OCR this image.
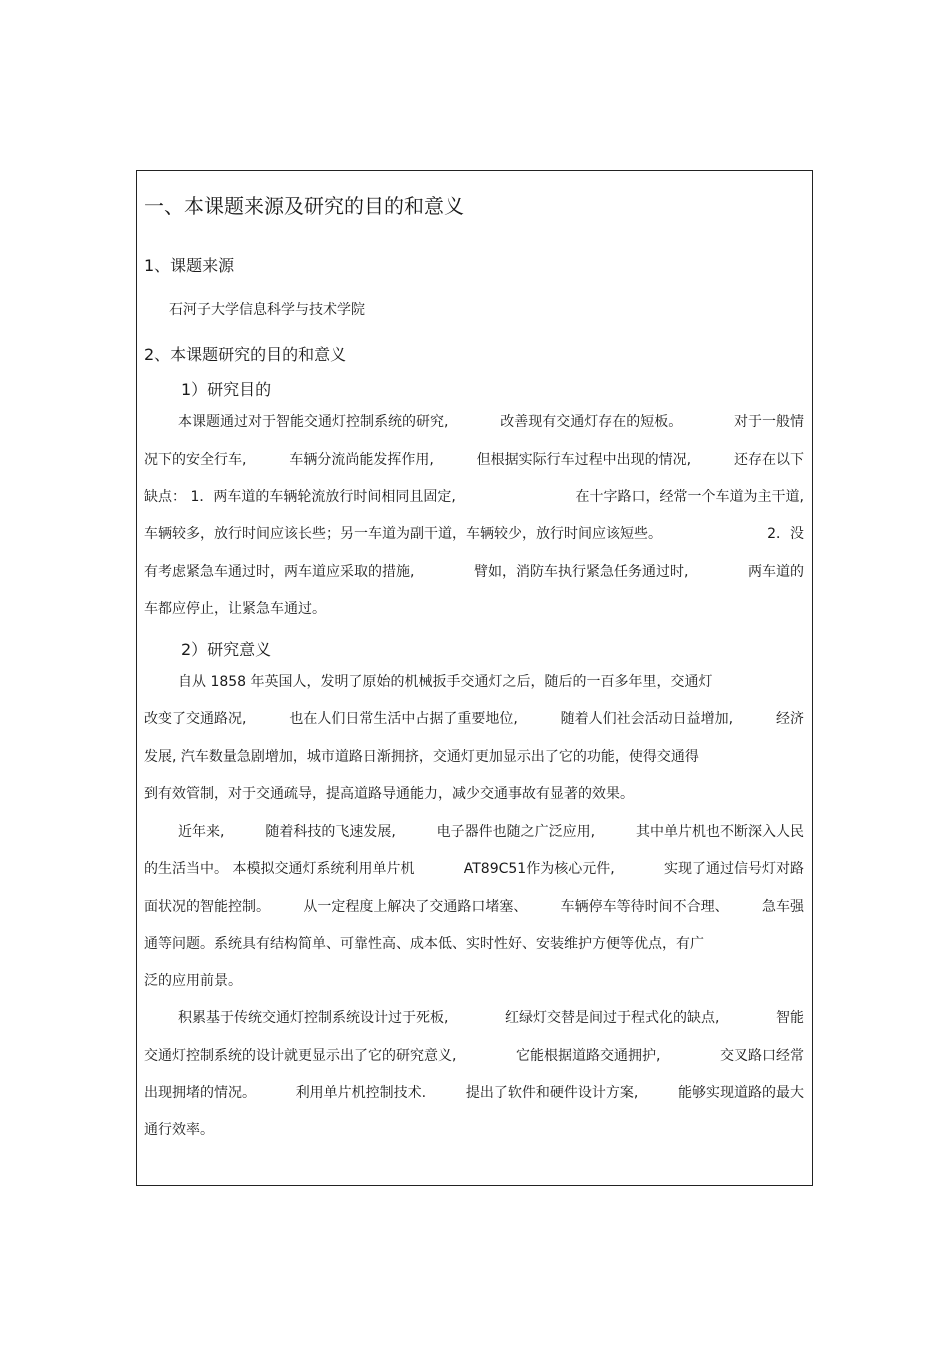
一、本课题来源及研究的目的和意义
1、课题来源
石河子大学信息科学与技术学院
2、本课题研究的目的和意义
1）研究目的
本课题通过对于智能交通灯控制系统的研究,	改善现有交通灯存在的短板。	对于一般情
况下的安全行车,	车辆分流尚能发挥作用,	但根据实际行车过程中出现的情况,	还存在以下
缺点： 1．两车道的车辆轮流放行时间相同且固定,	在十字路口，经常一个车道为主干道,
车辆较多，放行时间应该长些；另一车道为副干道，车辆较少，放行时间应该短些。	2．没
有考虑紧急车通过时，两车道应采取的措施,	臂如，消防车执行紧急任务通过时,	两车道的
车都应停止，让紧急车通过。
2）研究意义
自从 1858 年英国人，发明了原始的机械扳手交通灯之后，随后的一百多年里，交通灯
改变了交通路况,	也在人们日常生活中占据了重要地位,	随着人们社会活动日益增加,	经济
发展, 汽车数量急剧增加，城市道路日渐拥挤，交通灯更加显示出了它的功能，使得交通得
到有效管制，对于交通疏导，提高道路导通能力，减少交通事故有显著的效果。
近年来,	随着科技的飞速发展,	电子器件也随之广泛应用,	其中单片机也不断深入人民
的生活当中。 本模拟交通灯系统利用单片机	AT89C51作为核心元件,	实现了通过信号灯对路
面状况的智能控制。 从一定程度上解决了交通路口堵塞、 车辆停车等待时间不合理、 急车强
通等问题。系统具有结构简单、可靠性高、成本低、实时性好、安装维护方便等优点，有广
泛的应用前景。
积累基于传统交通灯控制系统设计过于死板,	红绿灯交替是间过于程式化的缺点,	智能
交通灯控制系统的设计就更显示出了它的研究意义,	它能根据道路交通拥护,	交叉路口经常
出现拥堵的情况。	利用单片机控制技术.	提出了软件和硬件设计方案,	能够实现道路的最大
通行效率。
